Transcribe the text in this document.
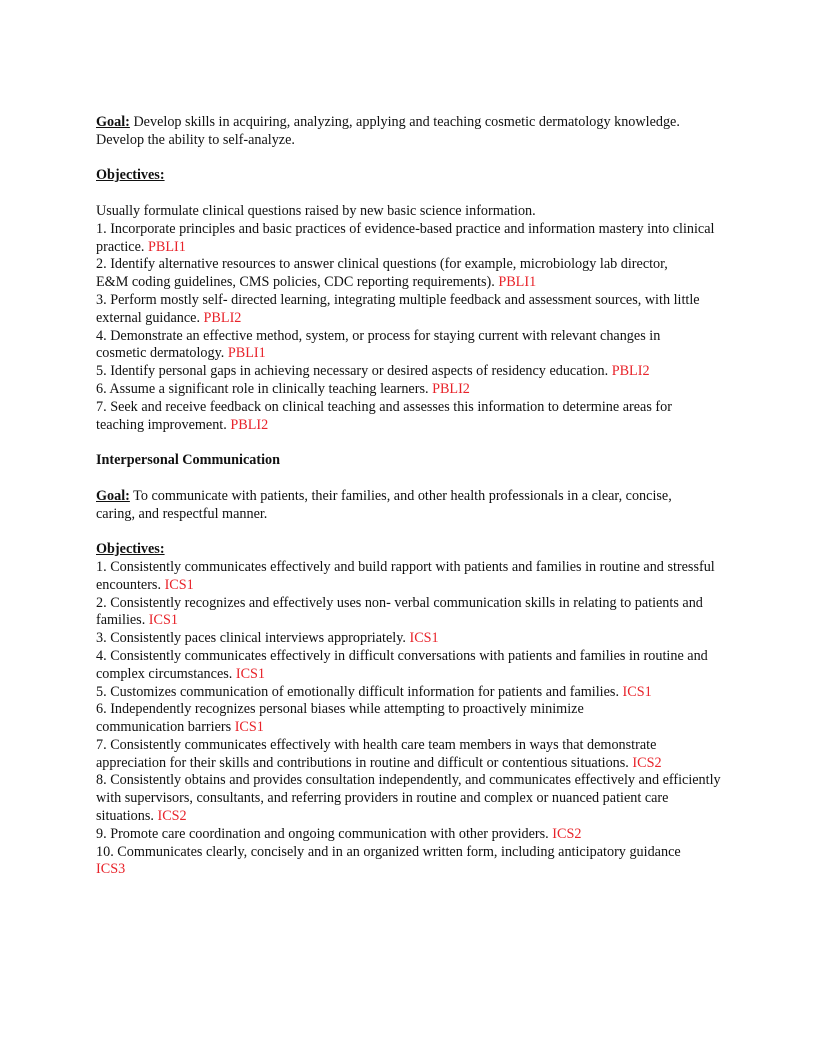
Goal: Develop skills in acquiring, analyzing, applying and teaching cosmetic dermatology knowledge. Develop the ability to self-analyze.
Objectives:
Usually formulate clinical questions raised by new basic science information.
1. Incorporate principles and basic practices of evidence-based practice and information mastery into clinical practice. PBLI1
2. Identify alternative resources to answer clinical questions (for example, microbiology lab director, E&M coding guidelines, CMS policies, CDC reporting requirements). PBLI1
3. Perform mostly self- directed learning, integrating multiple feedback and assessment sources, with little external guidance. PBLI2
4. Demonstrate an effective method, system, or process for staying current with relevant changes in cosmetic dermatology. PBLI1
5. Identify personal gaps in achieving necessary or desired aspects of residency education. PBLI2
6. Assume a significant role in clinically teaching learners. PBLI2
7. Seek and receive feedback on clinical teaching and assesses this information to determine areas for teaching improvement. PBLI2
Interpersonal Communication
Goal: To communicate with patients, their families, and other health professionals in a clear, concise, caring, and respectful manner.
Objectives:
1. Consistently communicates effectively and build rapport with patients and families in routine and stressful encounters. ICS1
2. Consistently recognizes and effectively uses non- verbal communication skills in relating to patients and families. ICS1
3. Consistently paces clinical interviews appropriately. ICS1
4. Consistently communicates effectively in difficult conversations with patients and families in routine and complex circumstances. ICS1
5. Customizes communication of emotionally difficult information for patients and families. ICS1
6. Independently recognizes personal biases while attempting to proactively minimize communication barriers ICS1
7. Consistently communicates effectively with health care team members in ways that demonstrate appreciation for their skills and contributions in routine and difficult or contentious situations. ICS2
8. Consistently obtains and provides consultation independently, and communicates effectively and efficiently with supervisors, consultants, and referring providers in routine and complex or nuanced patient care situations. ICS2
9. Promote care coordination and ongoing communication with other providers. ICS2
10. Communicates clearly, concisely and in an organized written form, including anticipatory guidance ICS3
